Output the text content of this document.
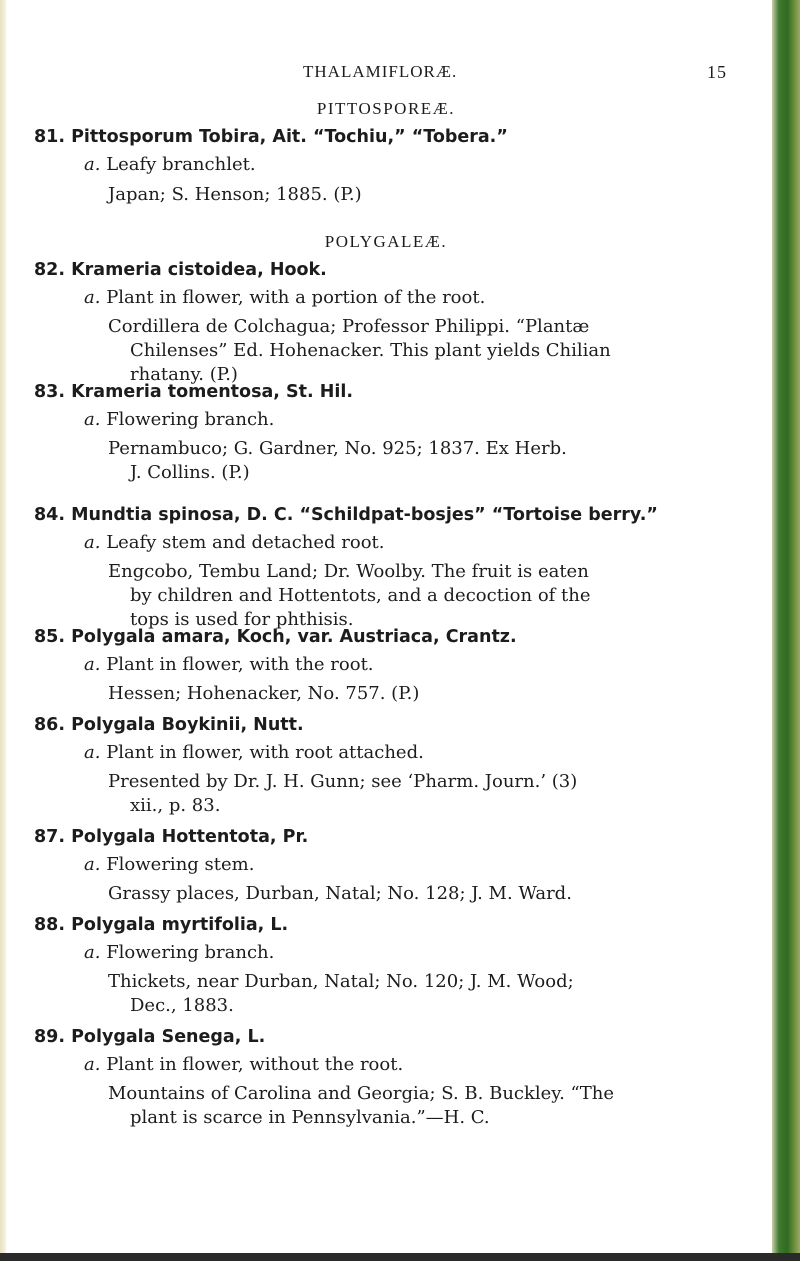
THALAMIFLORÆ.	15
PITTOSPOREÆ.
81. Pittosporum Tobira, Ait. “Tochiu,” “Tobera.”
a. Leafy branchlet.
Japan; S. Henson; 1885. (P.)
POLYGALEÆ.
82. Krameria cistoidea, Hook.
a. Plant in flower, with a portion of the root.
Cordillera de Colchagua; Professor Philippi. “Plantæ
Chilenses” Ed. Hohenacker. This plant yields Chilian
rhatany. (P.)
83. Krameria tomentosa, St. Hil.
a. Flowering branch.
Pernambuco; G. Gardner, No. 925; 1837. Ex Herb.
J. Collins. (P.)
84. Mundtia spinosa, D. C. “Schildpat-bosjes” “Tortoise berry.”
a. Leafy stem and detached root.
Engcobo, Tembu Land; Dr. Woolby. The fruit is eaten
by children and Hottentots, and a decoction of the
tops is used for phthisis.
85. Polygala amara, Koch, var. Austriaca, Crantz.
a. Plant in flower, with the root.
Hessen; Hohenacker, No. 757. (P.)
86. Polygala Boykinii, Nutt.
a. Plant in flower, with root attached.
Presented by Dr. J. H. Gunn; see ‘Pharm. Journ.’ (3)
xii., p. 83.
87. Polygala Hottentota, Pr.
a. Flowering stem.
Grassy places, Durban, Natal; No. 128; J. M. Ward.
88. Polygala myrtifolia, L.
a. Flowering branch.
Thickets, near Durban, Natal; No. 120; J. M. Wood;
Dec., 1883.
89. Polygala Senega, L.
a. Plant in flower, without the root.
Mountains of Carolina and Georgia; S. B. Buckley. “The
plant is scarce in Pennsylvania.”—H. C.
